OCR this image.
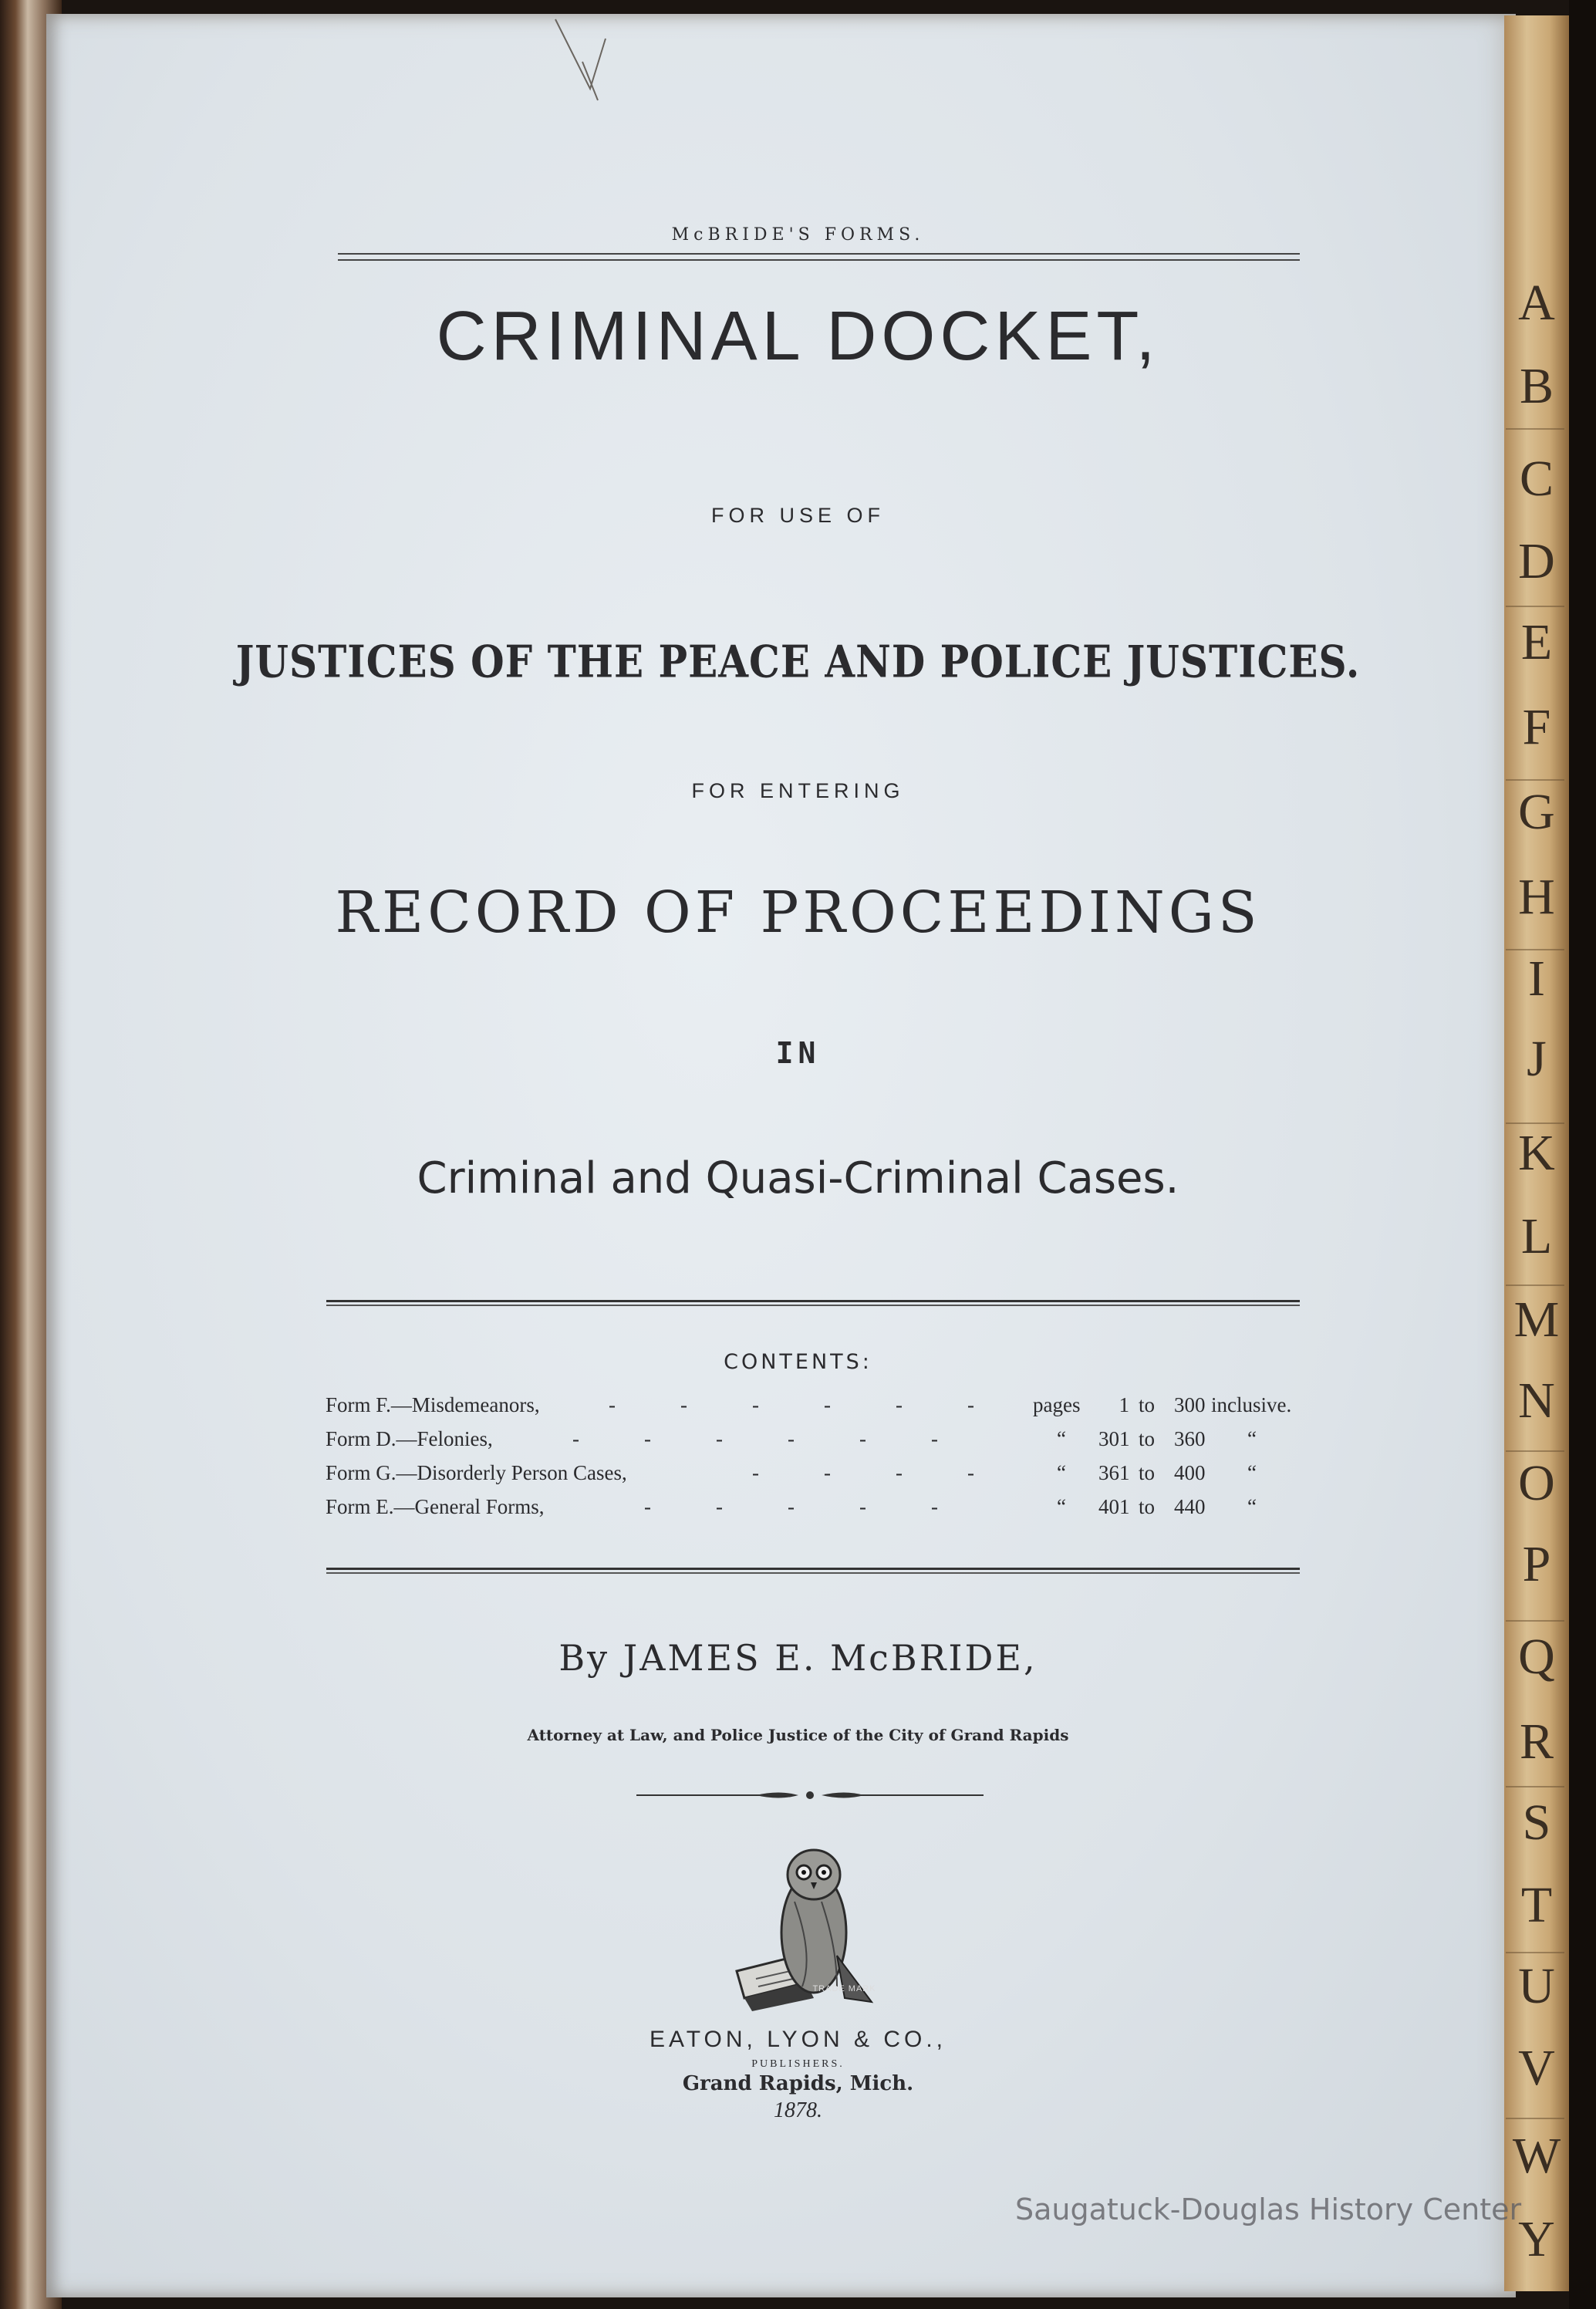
McBRIDE'S FORMS.
CRIMINAL DOCKET,
FOR USE OF
JUSTICES OF THE PEACE AND POLICE JUSTICES.
FOR ENTERING
RECORD OF PROCEEDINGS
IN
Criminal and Quasi-Criminal Cases.
CONTENTS:
Form F.—Misdemeanors,	-	-	-	-	-	-	pages	1 to 300 inclusive.
Form D.—Felonies,	-	-	-	-	-	-	“ 301 to 360 “
Form G.—Disorderly Person Cases,	-	-	-	-	“ 361 to 400 “
Form E.—General Forms,	-	-	-	-	-	“ 401 to 440 “
By JAMES E. McBRIDE,
Attorney at Law, and Police Justice of the City of Grand Rapids
TRADE MARK
EATON, LYON & CO.,
PUBLISHERS.
Grand Rapids, Mich.
1878.
A
B
C
D
E
F
G
H
I
J
K
L
M
N
O
P
Q
R
S
T
U
V
W
Y
Saugatuck-Douglas History Center
